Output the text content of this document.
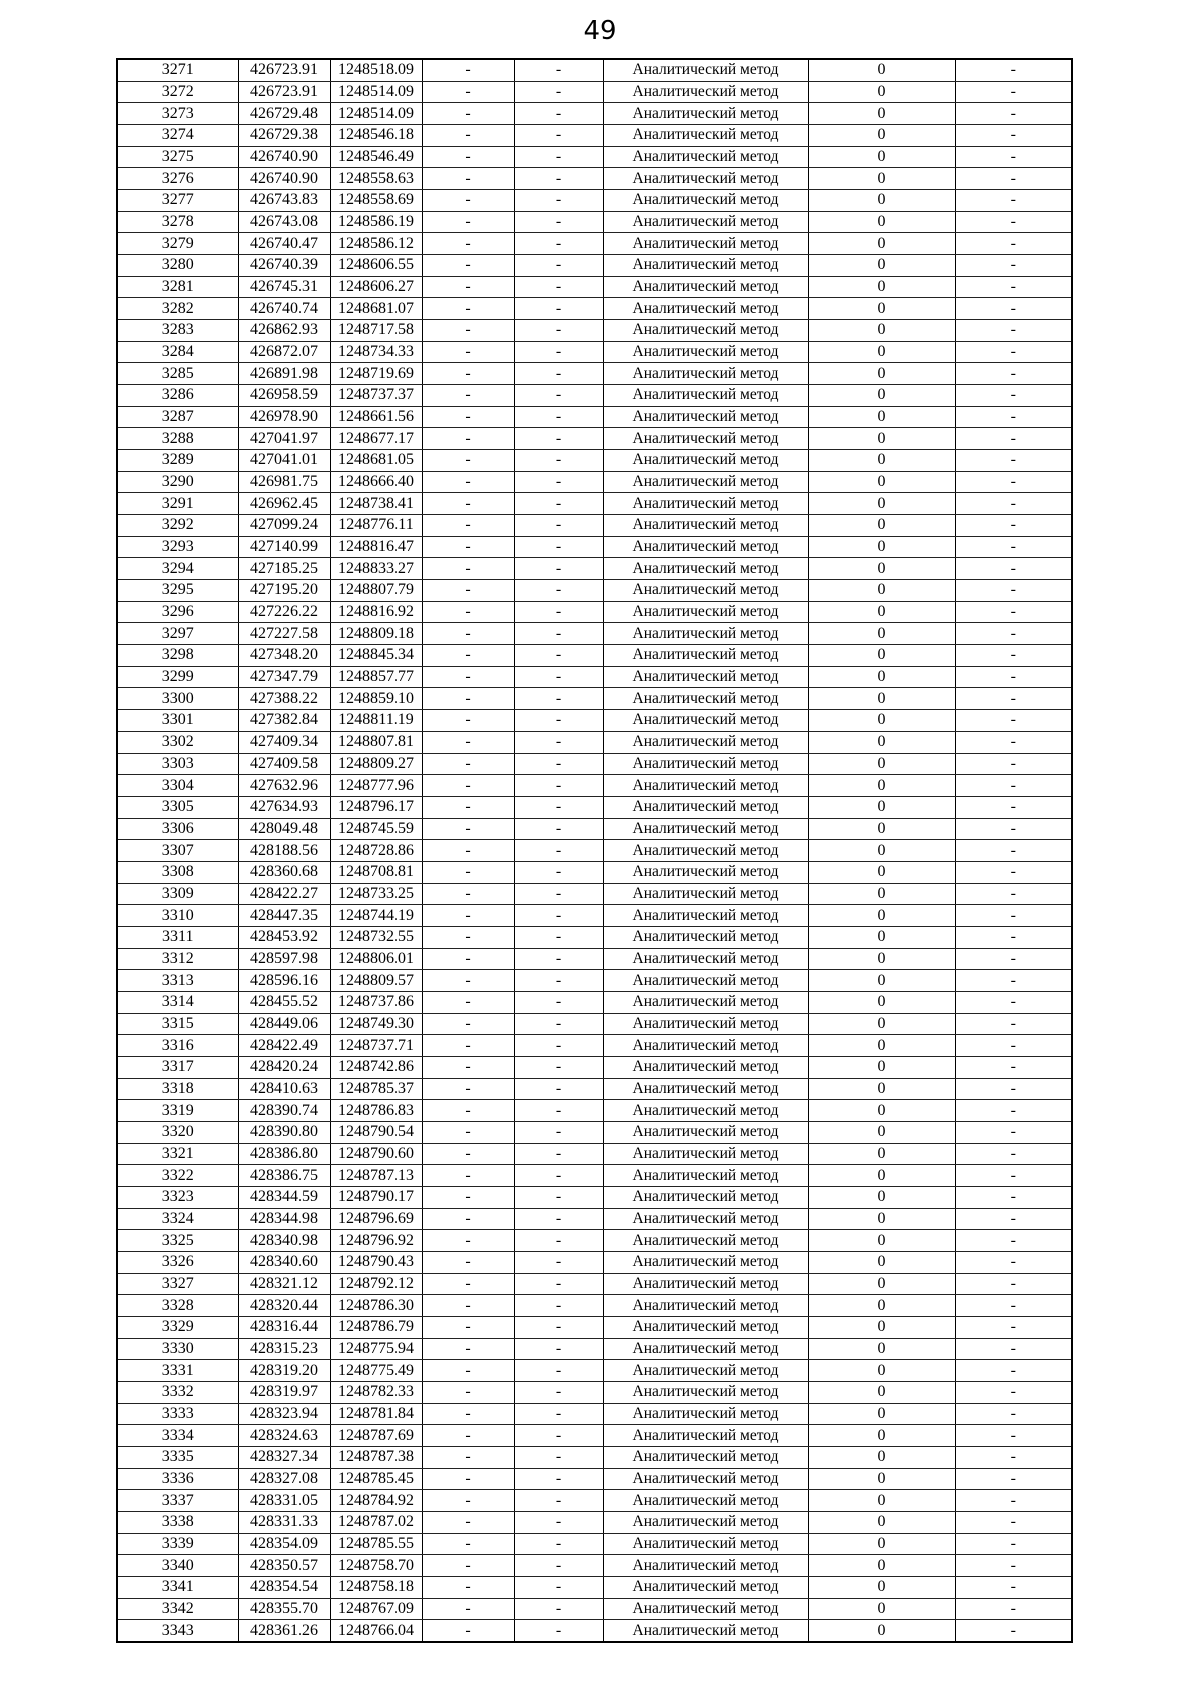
49
3271	426723.91	1248518.09	-	-	Аналитический метод	0	-
3272	426723.91	1248514.09	-	-	Аналитический метод	0	-
3273	426729.48	1248514.09	-	-	Аналитический метод	0	-
3274	426729.38	1248546.18	-	-	Аналитический метод	0	-
3275	426740.90	1248546.49	-	-	Аналитический метод	0	-
3276	426740.90	1248558.63	-	-	Аналитический метод	0	-
3277	426743.83	1248558.69	-	-	Аналитический метод	0	-
3278	426743.08	1248586.19	-	-	Аналитический метод	0	-
3279	426740.47	1248586.12	-	-	Аналитический метод	0	-
3280	426740.39	1248606.55	-	-	Аналитический метод	0	-
3281	426745.31	1248606.27	-	-	Аналитический метод	0	-
3282	426740.74	1248681.07	-	-	Аналитический метод	0	-
3283	426862.93	1248717.58	-	-	Аналитический метод	0	-
3284	426872.07	1248734.33	-	-	Аналитический метод	0	-
3285	426891.98	1248719.69	-	-	Аналитический метод	0	-
3286	426958.59	1248737.37	-	-	Аналитический метод	0	-
3287	426978.90	1248661.56	-	-	Аналитический метод	0	-
3288	427041.97	1248677.17	-	-	Аналитический метод	0	-
3289	427041.01	1248681.05	-	-	Аналитический метод	0	-
3290	426981.75	1248666.40	-	-	Аналитический метод	0	-
3291	426962.45	1248738.41	-	-	Аналитический метод	0	-
3292	427099.24	1248776.11	-	-	Аналитический метод	0	-
3293	427140.99	1248816.47	-	-	Аналитический метод	0	-
3294	427185.25	1248833.27	-	-	Аналитический метод	0	-
3295	427195.20	1248807.79	-	-	Аналитический метод	0	-
3296	427226.22	1248816.92	-	-	Аналитический метод	0	-
3297	427227.58	1248809.18	-	-	Аналитический метод	0	-
3298	427348.20	1248845.34	-	-	Аналитический метод	0	-
3299	427347.79	1248857.77	-	-	Аналитический метод	0	-
3300	427388.22	1248859.10	-	-	Аналитический метод	0	-
3301	427382.84	1248811.19	-	-	Аналитический метод	0	-
3302	427409.34	1248807.81	-	-	Аналитический метод	0	-
3303	427409.58	1248809.27	-	-	Аналитический метод	0	-
3304	427632.96	1248777.96	-	-	Аналитический метод	0	-
3305	427634.93	1248796.17	-	-	Аналитический метод	0	-
3306	428049.48	1248745.59	-	-	Аналитический метод	0	-
3307	428188.56	1248728.86	-	-	Аналитический метод	0	-
3308	428360.68	1248708.81	-	-	Аналитический метод	0	-
3309	428422.27	1248733.25	-	-	Аналитический метод	0	-
3310	428447.35	1248744.19	-	-	Аналитический метод	0	-
3311	428453.92	1248732.55	-	-	Аналитический метод	0	-
3312	428597.98	1248806.01	-	-	Аналитический метод	0	-
3313	428596.16	1248809.57	-	-	Аналитический метод	0	-
3314	428455.52	1248737.86	-	-	Аналитический метод	0	-
3315	428449.06	1248749.30	-	-	Аналитический метод	0	-
3316	428422.49	1248737.71	-	-	Аналитический метод	0	-
3317	428420.24	1248742.86	-	-	Аналитический метод	0	-
3318	428410.63	1248785.37	-	-	Аналитический метод	0	-
3319	428390.74	1248786.83	-	-	Аналитический метод	0	-
3320	428390.80	1248790.54	-	-	Аналитический метод	0	-
3321	428386.80	1248790.60	-	-	Аналитический метод	0	-
3322	428386.75	1248787.13	-	-	Аналитический метод	0	-
3323	428344.59	1248790.17	-	-	Аналитический метод	0	-
3324	428344.98	1248796.69	-	-	Аналитический метод	0	-
3325	428340.98	1248796.92	-	-	Аналитический метод	0	-
3326	428340.60	1248790.43	-	-	Аналитический метод	0	-
3327	428321.12	1248792.12	-	-	Аналитический метод	0	-
3328	428320.44	1248786.30	-	-	Аналитический метод	0	-
3329	428316.44	1248786.79	-	-	Аналитический метод	0	-
3330	428315.23	1248775.94	-	-	Аналитический метод	0	-
3331	428319.20	1248775.49	-	-	Аналитический метод	0	-
3332	428319.97	1248782.33	-	-	Аналитический метод	0	-
3333	428323.94	1248781.84	-	-	Аналитический метод	0	-
3334	428324.63	1248787.69	-	-	Аналитический метод	0	-
3335	428327.34	1248787.38	-	-	Аналитический метод	0	-
3336	428327.08	1248785.45	-	-	Аналитический метод	0	-
3337	428331.05	1248784.92	-	-	Аналитический метод	0	-
3338	428331.33	1248787.02	-	-	Аналитический метод	0	-
3339	428354.09	1248785.55	-	-	Аналитический метод	0	-
3340	428350.57	1248758.70	-	-	Аналитический метод	0	-
3341	428354.54	1248758.18	-	-	Аналитический метод	0	-
3342	428355.70	1248767.09	-	-	Аналитический метод	0	-
3343	428361.26	1248766.04	-	-	Аналитический метод	0	-
